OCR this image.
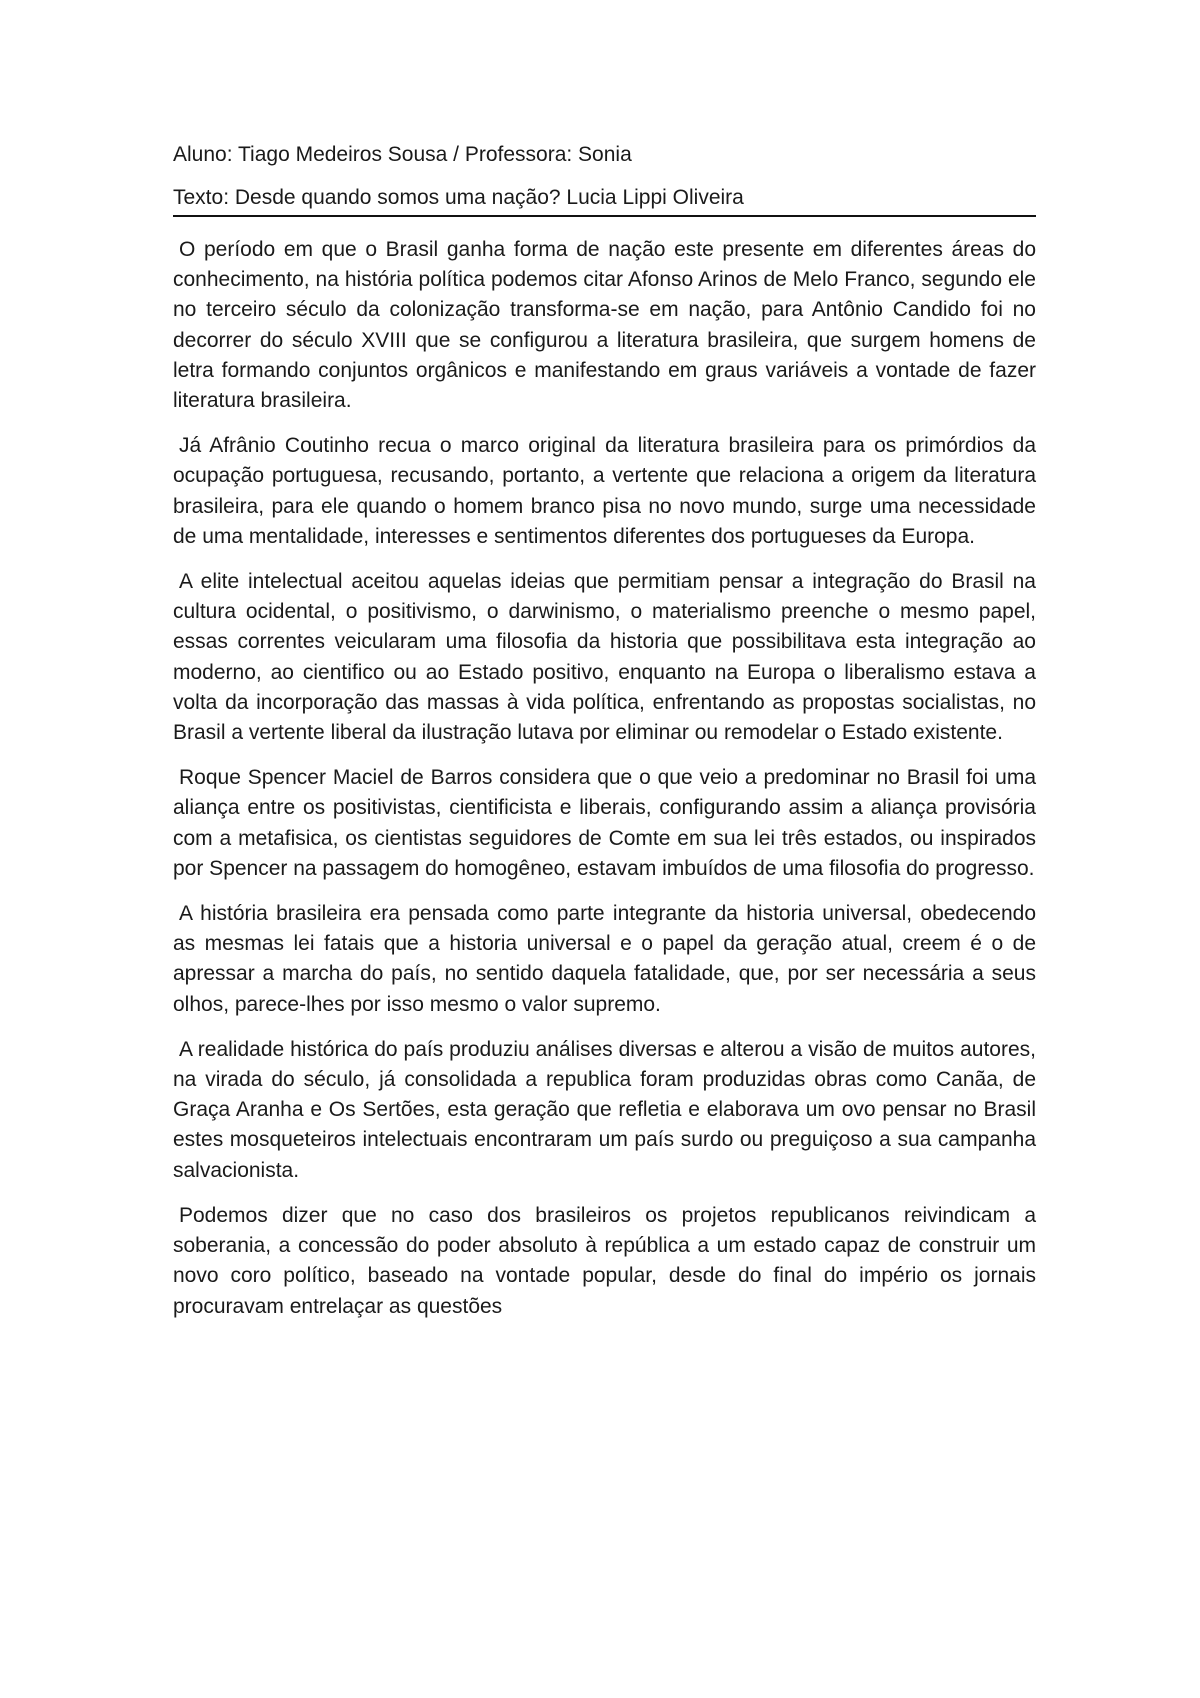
Aluno: Tiago Medeiros Sousa / Professora: Sonia
Texto: Desde quando somos uma nação? Lucia Lippi Oliveira

O período em que o Brasil ganha forma de nação este presente em diferentes áreas do conhecimento, na história política podemos citar Afonso Arinos de Melo Franco, segundo ele no terceiro século da colonização transforma-se em nação, para Antônio Candido foi no decorrer do século XVIII que se configurou a literatura brasileira, que surgem homens de letra formando conjuntos orgânicos e manifestando em graus variáveis a vontade de fazer literatura brasileira.

Já Afrânio Coutinho recua o marco original da literatura brasileira para os primórdios da ocupação portuguesa, recusando, portanto, a vertente que relaciona a origem da literatura brasileira, para ele quando o homem branco pisa no novo mundo, surge uma necessidade de uma mentalidade, interesses e sentimentos diferentes dos portugueses da Europa.

A elite intelectual aceitou aquelas ideias que permitiam pensar a integração do Brasil na cultura ocidental, o positivismo, o darwinismo, o materialismo preenche o mesmo papel, essas correntes veicularam uma filosofia da historia que possibilitava esta integração ao moderno, ao cientifico ou ao Estado positivo, enquanto na Europa o liberalismo estava a volta da incorporação das massas à vida política, enfrentando as propostas socialistas, no Brasil a vertente liberal da ilustração lutava por eliminar ou remodelar o Estado existente.

Roque Spencer Maciel de Barros considera que o que veio a predominar no Brasil foi uma aliança entre os positivistas, cientificista e liberais, configurando assim a aliança provisória com a metafisica, os cientistas seguidores de Comte em sua lei três estados, ou inspirados por Spencer na passagem do homogêneo, estavam imbuídos de uma filosofia do progresso.

A história brasileira era pensada como parte integrante da historia universal, obedecendo as mesmas lei fatais que a historia universal e o papel da geração atual, creem é o de apressar a marcha do país, no sentido daquela fatalidade, que, por ser necessária a seus olhos, parece-lhes por isso mesmo o valor supremo.

A realidade histórica do país produziu análises diversas e alterou a visão de muitos autores, na virada do século, já consolidada a republica foram produzidas obras como Canãa, de Graça Aranha e Os Sertões, esta geração que refletia e elaborava um ovo pensar no Brasil estes mosqueteiros intelectuais encontraram um país surdo ou preguiçoso a sua campanha salvacionista.

Podemos dizer que no caso dos brasileiros os projetos republicanos reivindicam a soberania, a concessão do poder absoluto à república a um estado capaz de construir um novo coro político, baseado na vontade popular, desde do final do império os jornais procuravam entrelaçar as questões
